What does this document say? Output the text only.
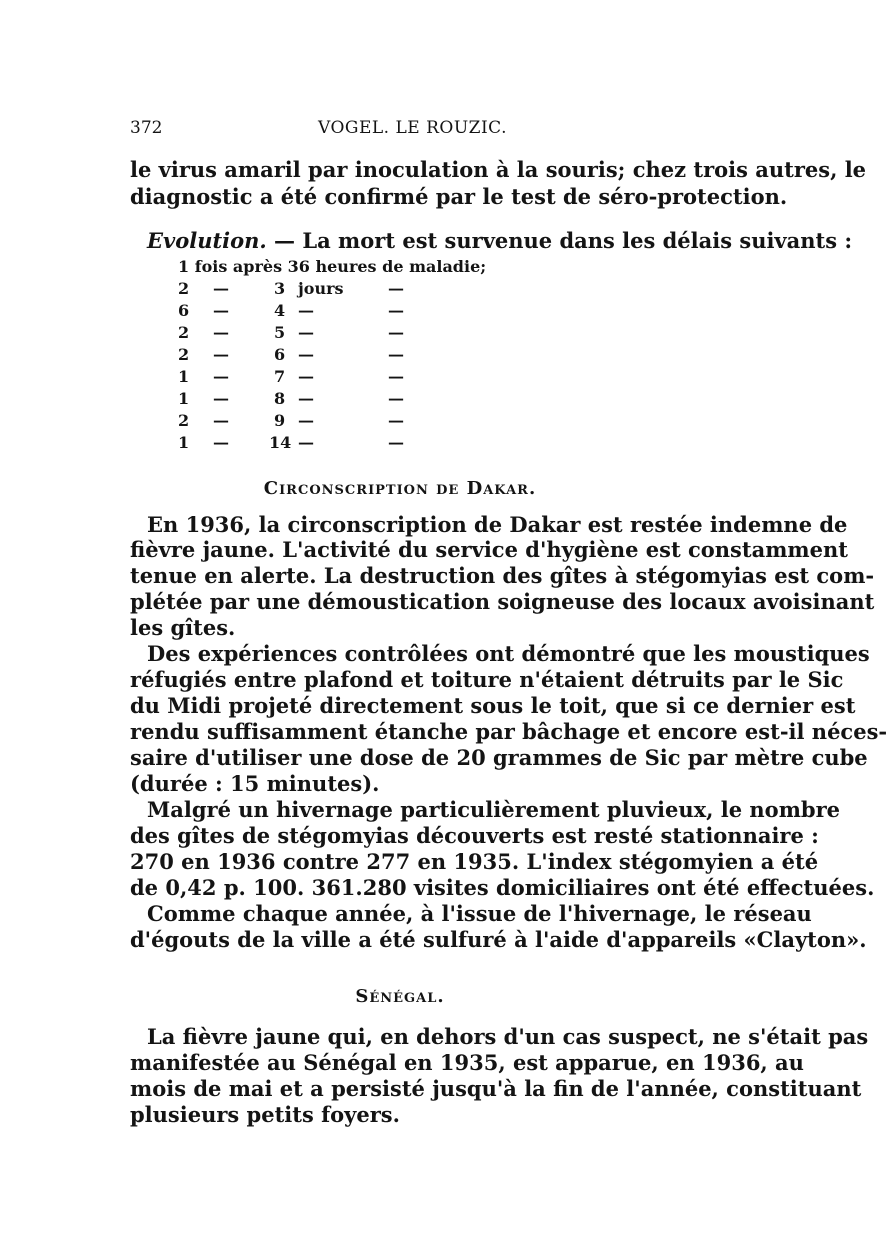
372	VOGEL. LE ROUZIC.
le virus amaril par inoculation à la souris; chez trois autres, le
diagnostic a été confirmé par le test de séro-protection.
Evolution. — La mort est survenue dans les délais suivants :
1 fois après 36 heures de maladie;
2 —	3 jours	—
6 —	4 —	—
2 —	5 —	—
2 —	6 —	—
1 —	7 —	—
1 —	8 —	—
2 —	9 —	—
1 —	14 —	—
Circonscription de Dakar.
En 1936, la circonscription de Dakar est restée indemne de
fièvre jaune. L'activité du service d'hygiène est constamment
tenue en alerte. La destruction des gîtes à stégomyias est com-
plétée par une démoustication soigneuse des locaux avoisinant
les gîtes.
Des expériences contrôlées ont démontré que les moustiques
réfugiés entre plafond et toiture n'étaient détruits par le Sic
du Midi projeté directement sous le toit, que si ce dernier est
rendu suffisamment étanche par bâchage et encore est-il néces-
saire d'utiliser une dose de 20 grammes de Sic par mètre cube
(durée : 15 minutes).
Malgré un hivernage particulièrement pluvieux, le nombre
des gîtes de stégomyias découverts est resté stationnaire :
270 en 1936 contre 277 en 1935. L'index stégomyien a été
de 0,42 p. 100. 361.280 visites domiciliaires ont été effectuées.
Comme chaque année, à l'issue de l'hivernage, le réseau
d'égouts de la ville a été sulfuré à l'aide d'appareils «Clayton».
Sénégal.
La fièvre jaune qui, en dehors d'un cas suspect, ne s'était pas
manifestée au Sénégal en 1935, est apparue, en 1936, au
mois de mai et a persisté jusqu'à la fin de l'année, constituant
plusieurs petits foyers.
